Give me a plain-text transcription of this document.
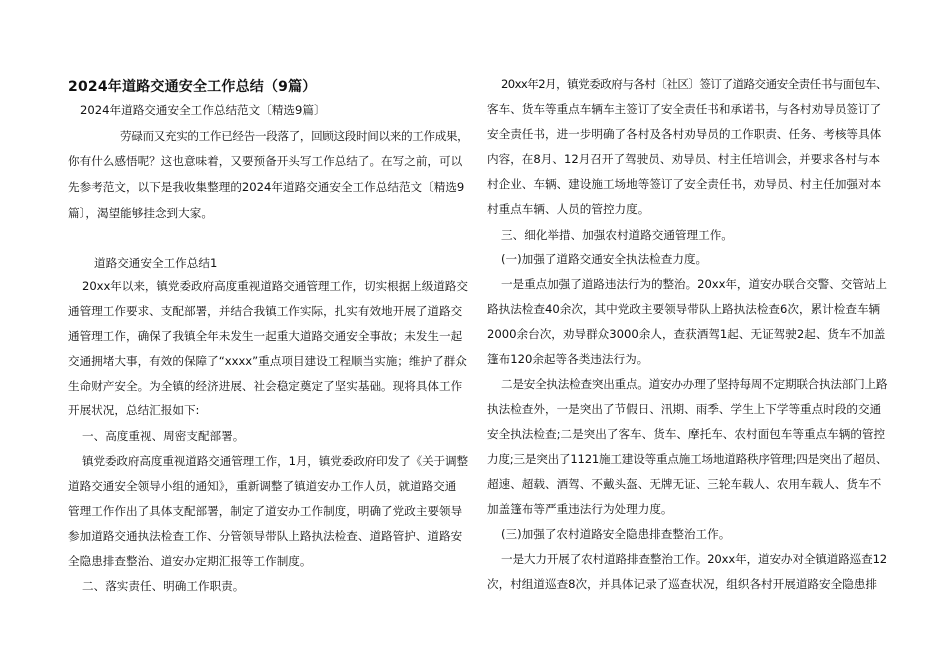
2024年道路交通安全工作总结（9篇）
2024年道路交通安全工作总结范文〔精选9篇〕
劳碌而又充实的工作已经告一段落了，回顾这段时间以来的工作成果，
你有什么感悟呢？这也意味着，又要预备开头写工作总结了。在写之前，可以
先参考范文，以下是我收集整理的2024年道路交通安全工作总结范文〔精选9
篇〕，渴望能够挂念到大家。
道路交通安全工作总结1
20xx年以来，镇党委政府高度重视道路交通管理工作，切实根据上级道路交
通管理工作要求、支配部署，并结合我镇工作实际，扎实有效地开展了道路交
通管理工作，确保了我镇全年未发生一起重大道路交通安全事故；未发生一起
交通拥堵大事，有效的保障了“xxxx”重点项目建设工程顺当实施；维护了群众
生命财产安全。为全镇的经济进展、社会稳定奠定了坚实基础。现将具体工作
开展状况，总结汇报如下:
一、高度重视、周密支配部署。
镇党委政府高度重视道路交通管理工作，1月，镇党委政府印发了《关于调整
道路交通安全领导小组的通知》，重新调整了镇道安办工作人员，就道路交通
管理工作作出了具体支配部署，制定了道安办工作制度，明确了党政主要领导
参加道路交通执法检查工作、分管领导带队上路执法检查、道路管护、道路安
全隐患排查整治、道安办定期汇报等工作制度。
二、落实责任、明确工作职责。
20xx年2月，镇党委政府与各村〔社区〕签订了道路交通安全责任书与面包车、
客车、货车等重点车辆车主签订了安全责任书和承诺书，与各村劝导员签订了
安全责任书，进一步明确了各村及各村劝导员的工作职责、任务、考核等具体
内容，在8月、12月召开了驾驶员、劝导员、村主任培训会，并要求各村与本
村企业、车辆、建设施工场地等签订了安全责任书，劝导员、村主任加强对本
村重点车辆、人员的管控力度。
三、细化举措、加强农村道路交通管理工作。
(一)加强了道路交通安全执法检查力度。
一是重点加强了道路违法行为的整治。20xx年，道安办联合交警、交管站上
路执法检查40余次，其中党政主要领导带队上路执法检查6次，累计检查车辆
2000余台次，劝导群众3000余人，查获酒驾1起、无证驾驶2起、货车不加盖
篷布120余起等各类违法行为。
二是安全执法检查突出重点。道安办办理了坚持每周不定期联合执法部门上路
执法检查外，一是突出了节假日、汛期、雨季、学生上下学等重点时段的交通
安全执法检查;二是突出了客车、货车、摩托车、农村面包车等重点车辆的管控
力度;三是突出了1121施工建设等重点施工场地道路秩序管理;四是突出了超员、
超速、超载、酒驾、不戴头盔、无牌无证、三轮车载人、农用车载人、货车不
加盖篷布等严重违法行为处理力度。
(三)加强了农村道路安全隐患排查整治工作。
一是大力开展了农村道路排查整治工作。20xx年，道安办对全镇道路巡查12
次，村组道巡查8次，并具体记录了巡查状况，组织各村开展道路安全隐患排
